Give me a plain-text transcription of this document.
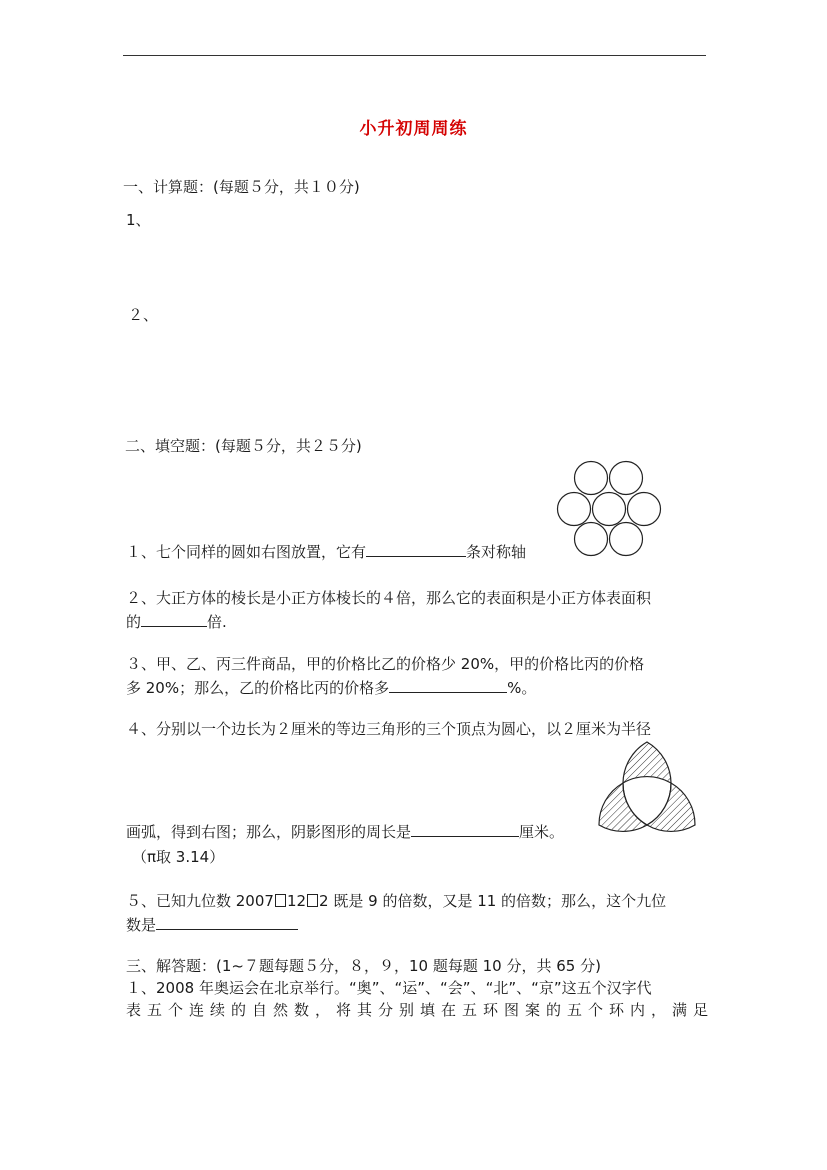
小升初周周练
一、计算题：(每题５分，共１０分)
1、
２、
二、填空题：(每题５分，共２５分)
１、七个同样的圆如右图放置，它有	条对称轴
２、大正方体的棱长是小正方体棱长的４倍，那么它的表面积是小正方体表面积
的	倍.
３、甲、乙、丙三件商品，甲的价格比乙的价格少 20%，甲的价格比丙的价格
多 20%；那么，乙的价格比丙的价格多	%。
４、分别以一个边长为２厘米的等边三角形的三个顶点为圆心，以２厘米为半径
画弧，得到右图；那么，阴影图形的周长是	厘米。
（π取 3.14）
５、已知九位数 2007 12 2 既是 9 的倍数，又是 11 的倍数；那么，这个九位
数是
三、解答题：(1~７题每题５分，８，９，10 题每题 10 分，共 65 分)
１、2008 年奥运会在北京举行。“奥”、“运”、“会”、“北”、“京”这五个汉字代
表五个连续的自然数，将其分别填在五环图案的五个环内，满足
